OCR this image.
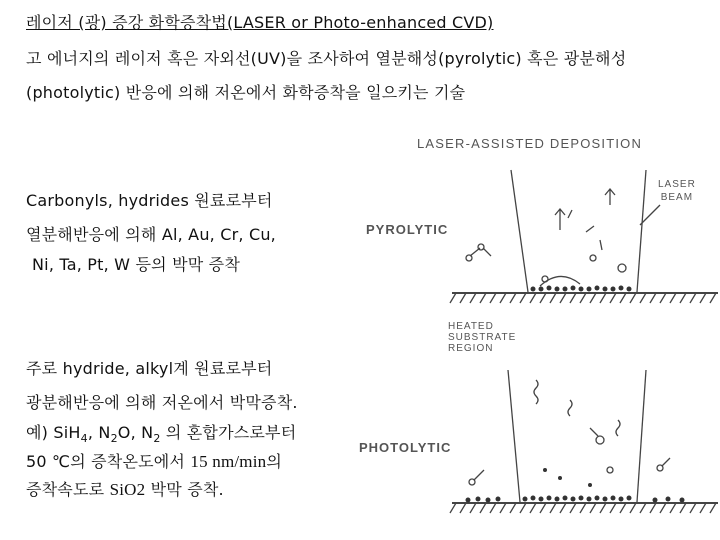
레이저 (광) 증강 화학증착법(LASER or Photo-enhanced CVD)
고 에너지의 레이저 혹은 자외선(UV)을 조사하여 열분해성(pyrolytic) 혹은 광분해성
(photolytic) 반응에 의해 저온에서 화학증착을 일으키는 기술
Carbonyls, hydrides 원료로부터
열분해반응에 의해 Al, Au, Cr, Cu,
Ni, Ta, Pt, W 등의 박막 증착
주로 hydride, alkyl계 원료로부터
광분해반응에 의해 저온에서 박막증착.
예) SiH$_4$, $N_2O$, $N_2$ 의 혼합가스로부터
50 ℃의 증착온도에서 15 nm/min의
증착속도로 SiO2 박막 증착.
LASER-ASSISTED DEPOSITION
PYROLYTIC
PHOTOLYTIC
LASER
BEAM
HEATED
SUBSTRATE
REGION
